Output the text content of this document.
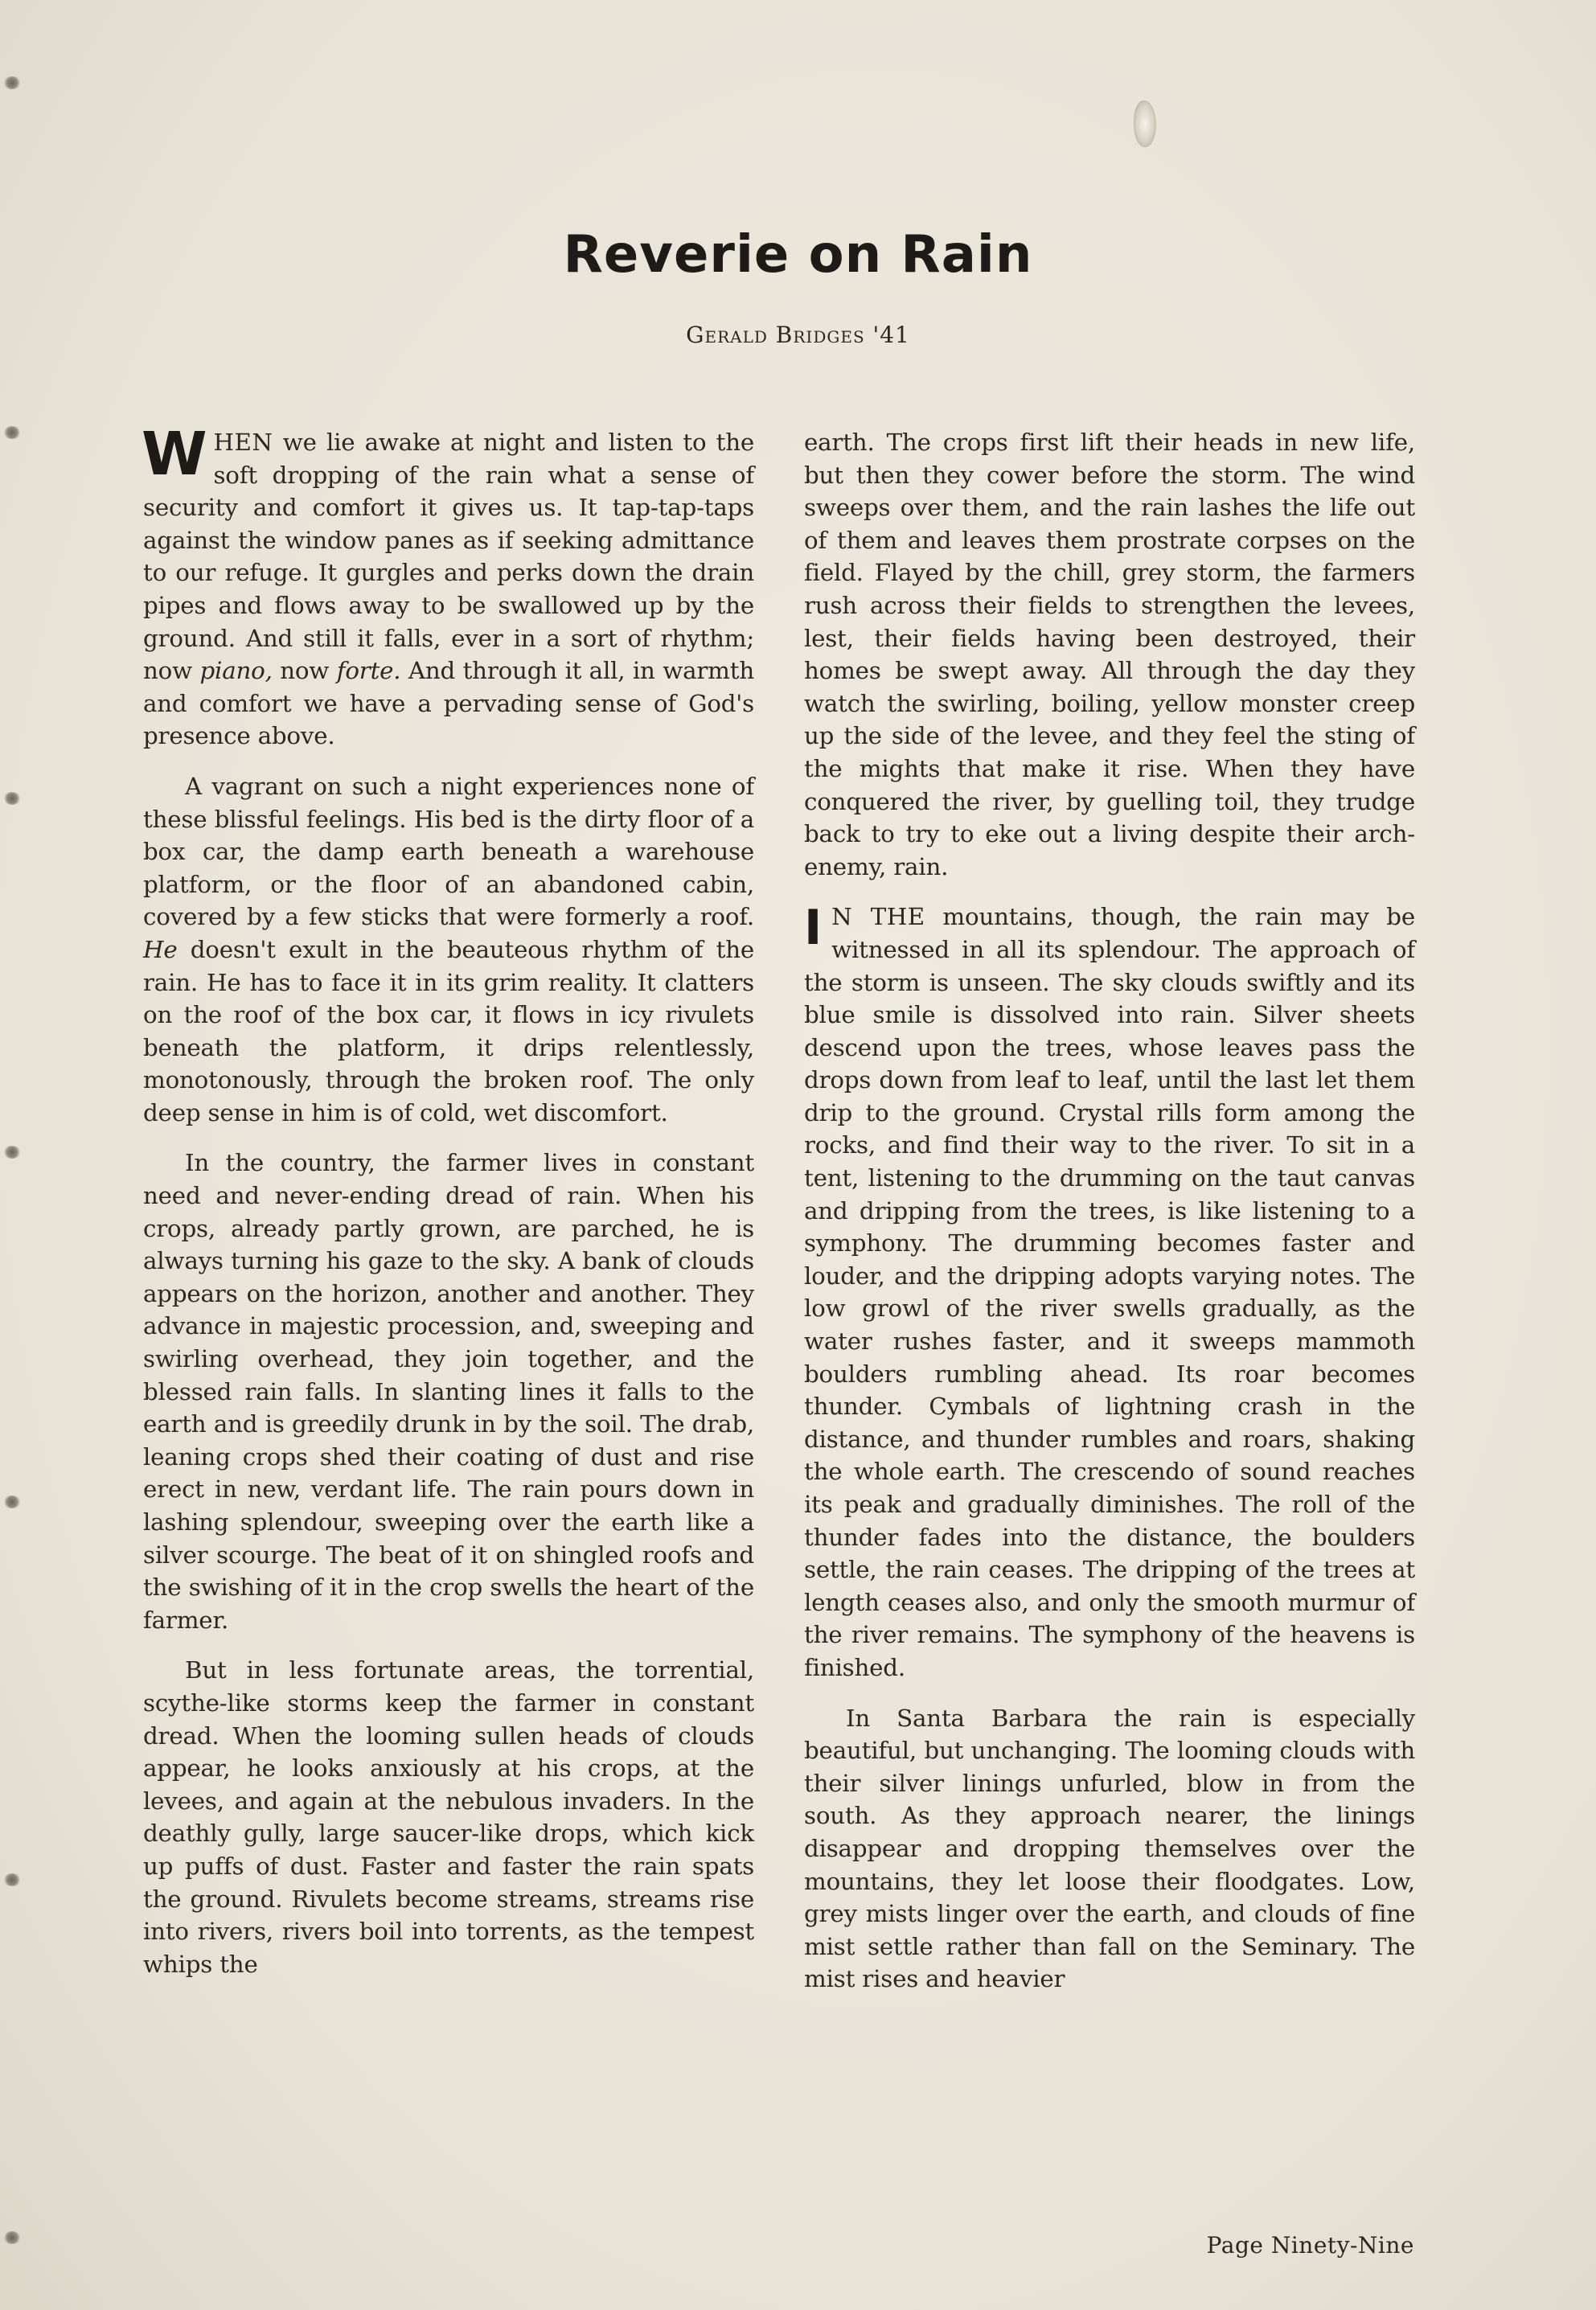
Reverie on Rain
Gerald Bridges '41

WHEN we lie awake at night and listen to the soft dropping of the rain what a sense of security and comfort it gives us. It tap-tap-taps against the window panes as if seeking admittance to our refuge. It gurgles and perks down the drain pipes and flows away to be swallowed up by the ground. And still it falls, ever in a sort of rhythm; now piano, now forte. And through it all, in warmth and comfort we have a pervading sense of God's presence above.

A vagrant on such a night experiences none of these blissful feelings. His bed is the dirty floor of a box car, the damp earth beneath a warehouse platform, or the floor of an abandoned cabin, covered by a few sticks that were formerly a roof. He doesn't exult in the beauteous rhythm of the rain. He has to face it in its grim reality. It clatters on the roof of the box car, it flows in icy rivulets beneath the platform, it drips relentlessly, monotonously, through the broken roof. The only deep sense in him is of cold, wet discomfort.

In the country, the farmer lives in constant need and never-ending dread of rain. When his crops, already partly grown, are parched, he is always turning his gaze to the sky. A bank of clouds appears on the horizon, another and another. They advance in majestic procession, and, sweeping and swirling overhead, they join together, and the blessed rain falls. In slanting lines it falls to the earth and is greedily drunk in by the soil. The drab, leaning crops shed their coating of dust and rise erect in new, verdant life. The rain pours down in lashing splendour, sweeping over the earth like a silver scourge. The beat of it on shingled roofs and the swishing of it in the crop swells the heart of the farmer.

But in less fortunate areas, the torrential, scythe-like storms keep the farmer in constant dread. When the looming sullen heads of clouds appear, he looks anxiously at his crops, at the levees, and again at the nebulous invaders. In the deathly gully, large saucer-like drops, which kick up puffs of dust. Faster and faster the rain spats the ground. Rivulets become streams, streams rise into rivers, rivers boil into torrents, as the tempest whips the

earth. The crops first lift their heads in new life, but then they cower before the storm. The wind sweeps over them, and the rain lashes the life out of them and leaves them prostrate corpses on the field. Flayed by the chill, grey storm, the farmers rush across their fields to strengthen the levees, lest, their fields having been destroyed, their homes be swept away. All through the day they watch the swirling, boiling, yellow monster creep up the side of the levee, and they feel the sting of the mights that make it rise. When they have conquered the river, by guelling toil, they trudge back to try to eke out a living despite their arch-enemy, rain.

I N THE mountains, though, the rain may be witnessed in all its splendour. The approach of the storm is unseen. The sky clouds swiftly and its blue smile is dissolved into rain. Silver sheets descend upon the trees, whose leaves pass the drops down from leaf to leaf, until the last let them drip to the ground. Crystal rills form among the rocks, and find their way to the river. To sit in a tent, listening to the drumming on the taut canvas and dripping from the trees, is like listening to a symphony. The drumming becomes faster and louder, and the dripping adopts varying notes. The low growl of the river swells gradually, as the water rushes faster, and it sweeps mammoth boulders rumbling ahead. Its roar becomes thunder. Cymbals of lightning crash in the distance, and thunder rumbles and roars, shaking the whole earth. The crescendo of sound reaches its peak and gradually diminishes. The roll of the thunder fades into the distance, the boulders settle, the rain ceases. The dripping of the trees at length ceases also, and only the smooth murmur of the river remains. The symphony of the heavens is finished.

In Santa Barbara the rain is especially beautiful, but unchanging. The looming clouds with their silver linings unfurled, blow in from the south. As they approach nearer, the linings disappear and dropping themselves over the mountains, they let loose their floodgates. Low, grey mists linger over the earth, and clouds of fine mist settle rather than fall on the Seminary. The mist rises and heavier

Page Ninety-Nine
